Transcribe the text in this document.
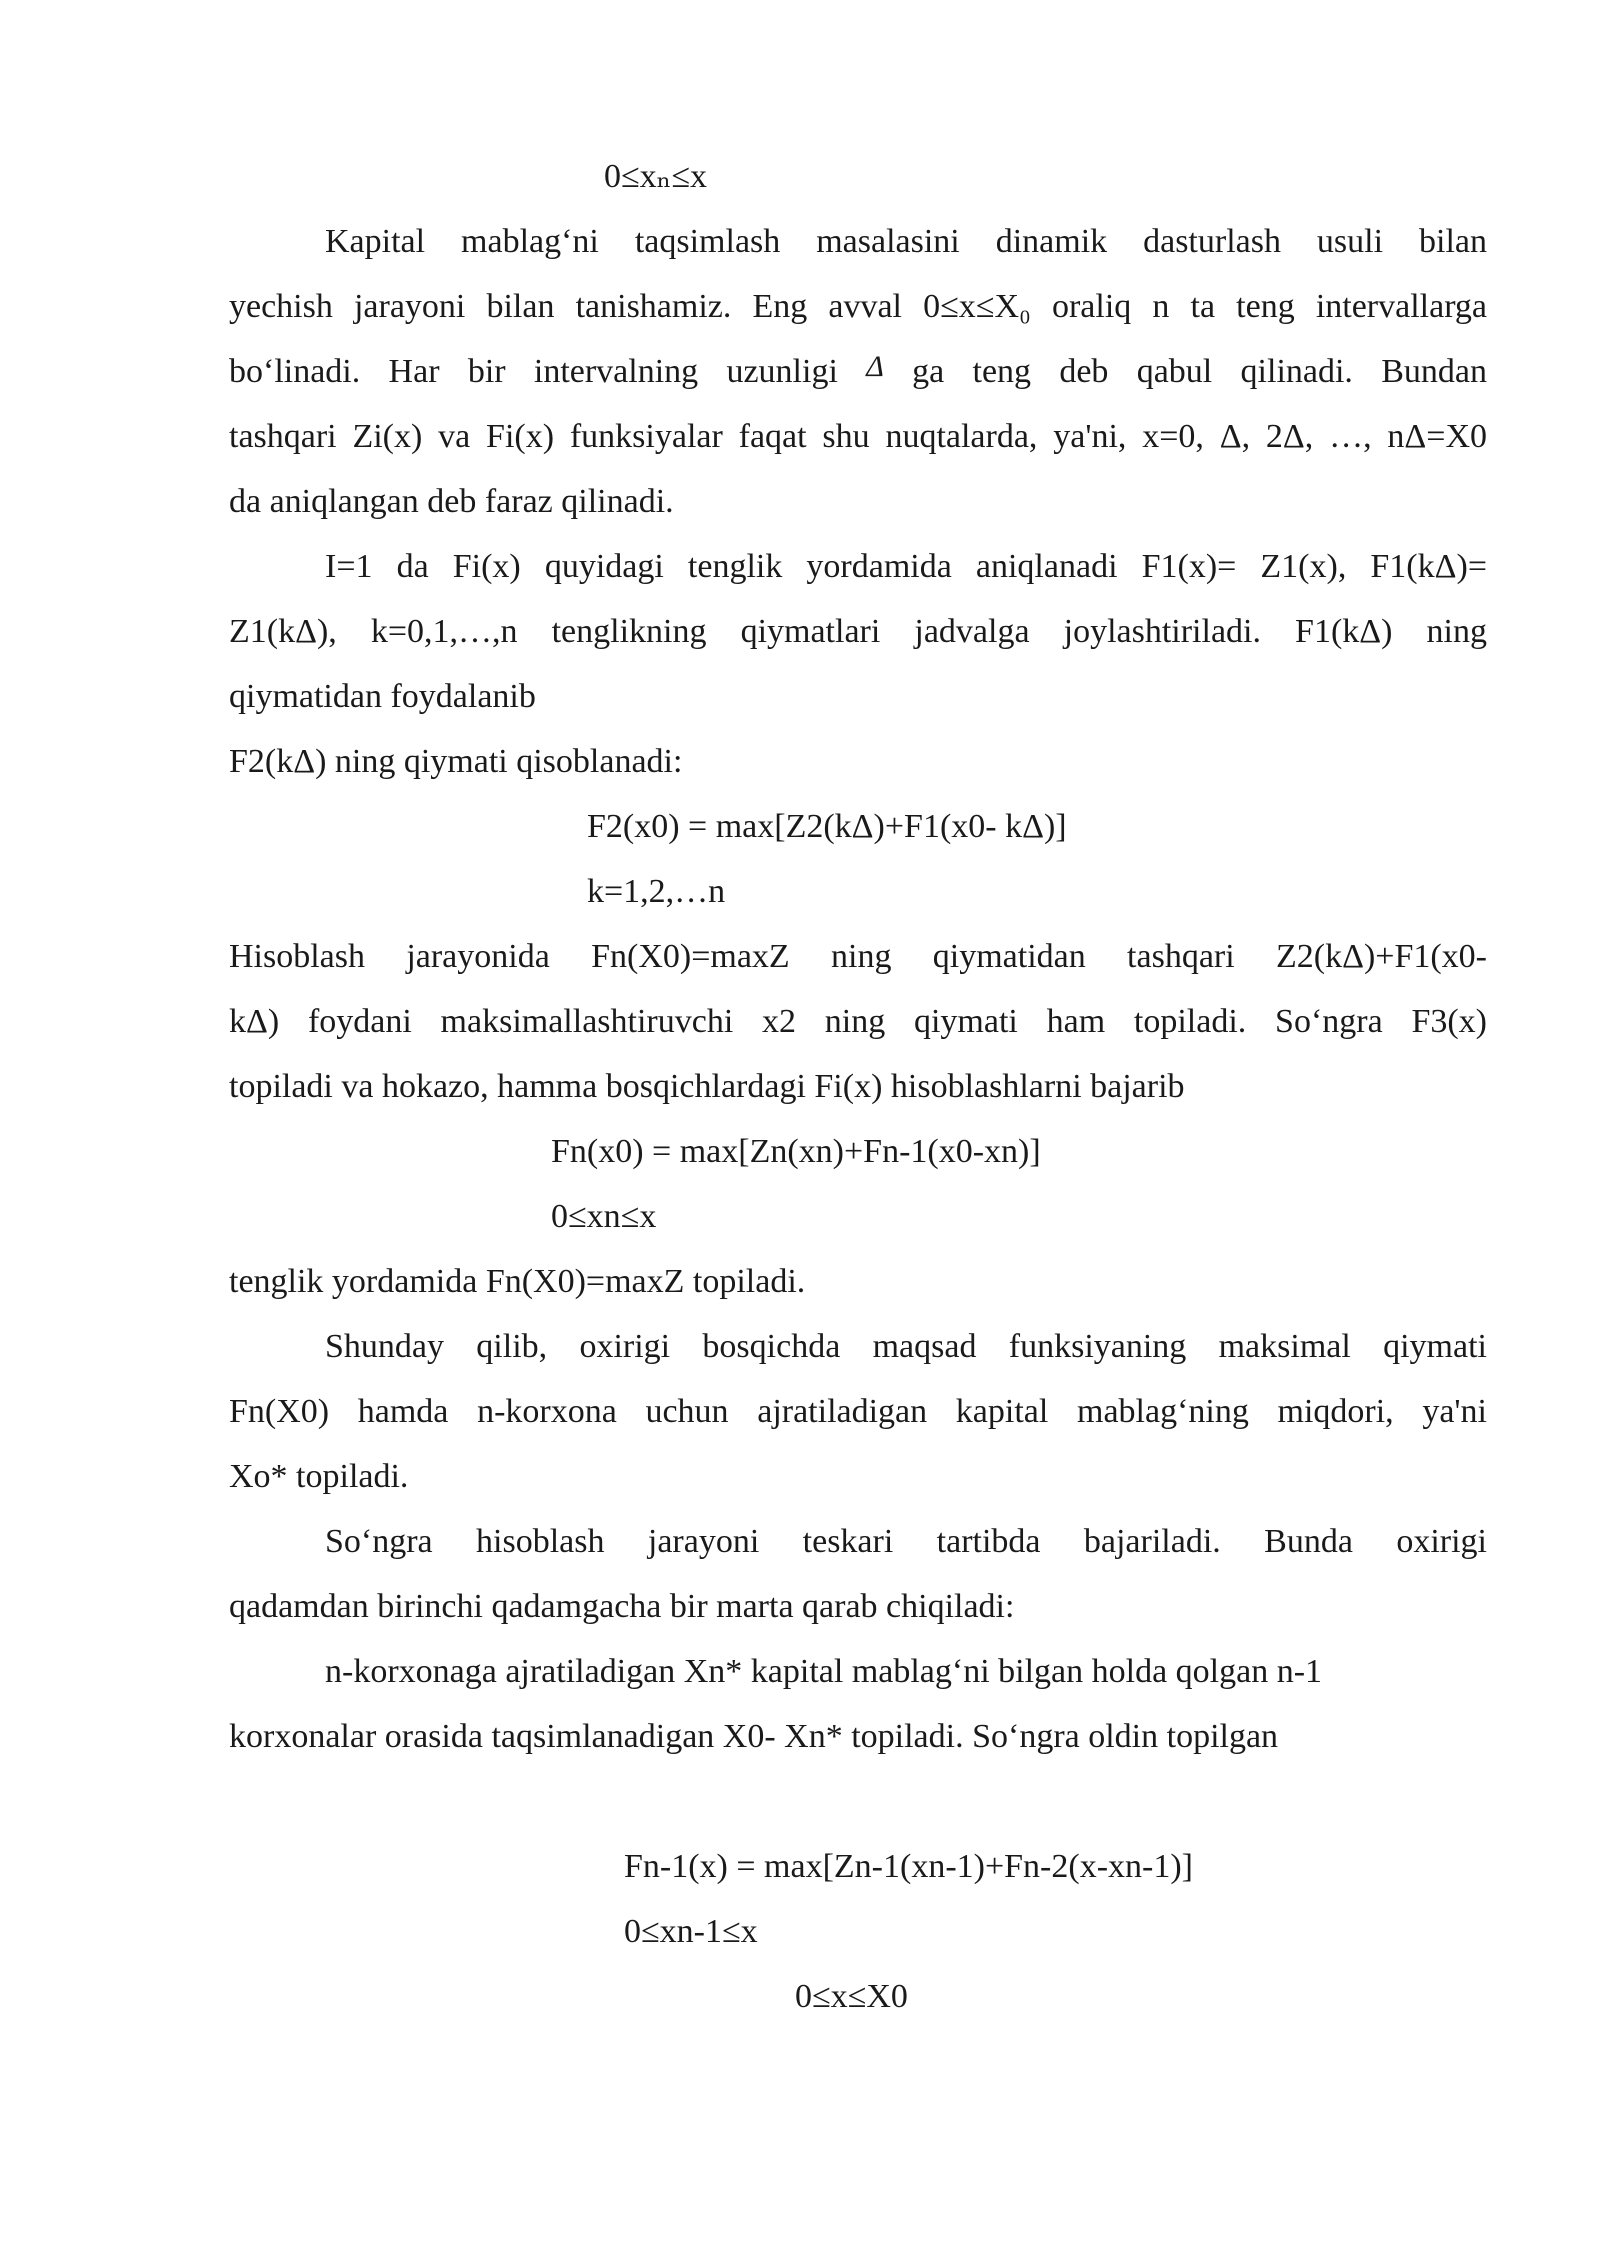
0≤xₙ≤x
Kapital mablag‘ni taqsimlash masalasini dinamik dasturlash usuli bilan
yechish jarayoni bilan tanishamiz. Eng avval 0≤x≤X₀ oraliq n ta teng intervallarga
bo‘linadi. Har bir intervalning uzunligi Δ ga teng deb qabul qilinadi. Bundan
tashqari Zi(x) va Fi(x) funksiyalar faqat shu nuqtalarda, ya'ni, x=0, Δ, 2Δ, …, nΔ=X0
da aniqlangan deb faraz qilinadi.
I=1 da Fi(x) quyidagi tenglik yordamida aniqlanadi F1(x)= Z1(x), F1(kΔ)=
Z1(kΔ), k=0,1,…,n tenglikning qiymatlari jadvalga joylashtiriladi. F1(kΔ) ning
qiymatidan foydalanib
F2(kΔ) ning qiymati qisoblanadi:
F2(x0) = max[Z2(kΔ)+F1(x0- kΔ)]
k=1,2,…n
Hisoblash jarayonida Fn(X0)=maxZ ning qiymatidan tashqari Z2(kΔ)+F1(x0-
kΔ) foydani maksimallashtiruvchi x2 ning qiymati ham topiladi. So‘ngra F3(x)
topiladi va hokazo, hamma bosqichlardagi Fi(x) hisoblashlarni bajarib
Fn(x0) = max[Zn(xn)+Fn-1(x0-xn)]
0≤xn≤x
tenglik yordamida Fn(X0)=maxZ topiladi.
Shunday qilib, oxirigi bosqichda maqsad funksiyaning maksimal qiymati
Fn(X0) hamda n-korxona uchun ajratiladigan kapital mablag‘ning miqdori, ya'ni
Xo* topiladi.
So‘ngra hisoblash jarayoni teskari tartibda bajariladi. Bunda oxirigi
qadamdan birinchi qadamgacha bir marta qarab chiqiladi:
n-korxonaga ajratiladigan Xn* kapital mablag‘ni bilgan holda qolgan n-1
korxonalar orasida taqsimlanadigan X0- Xn* topiladi. So‘ngra oldin topilgan
Fn-1(x) = max[Zn-1(xn-1)+Fn-2(x-xn-1)]
0≤xn-1≤x
0≤x≤X0
